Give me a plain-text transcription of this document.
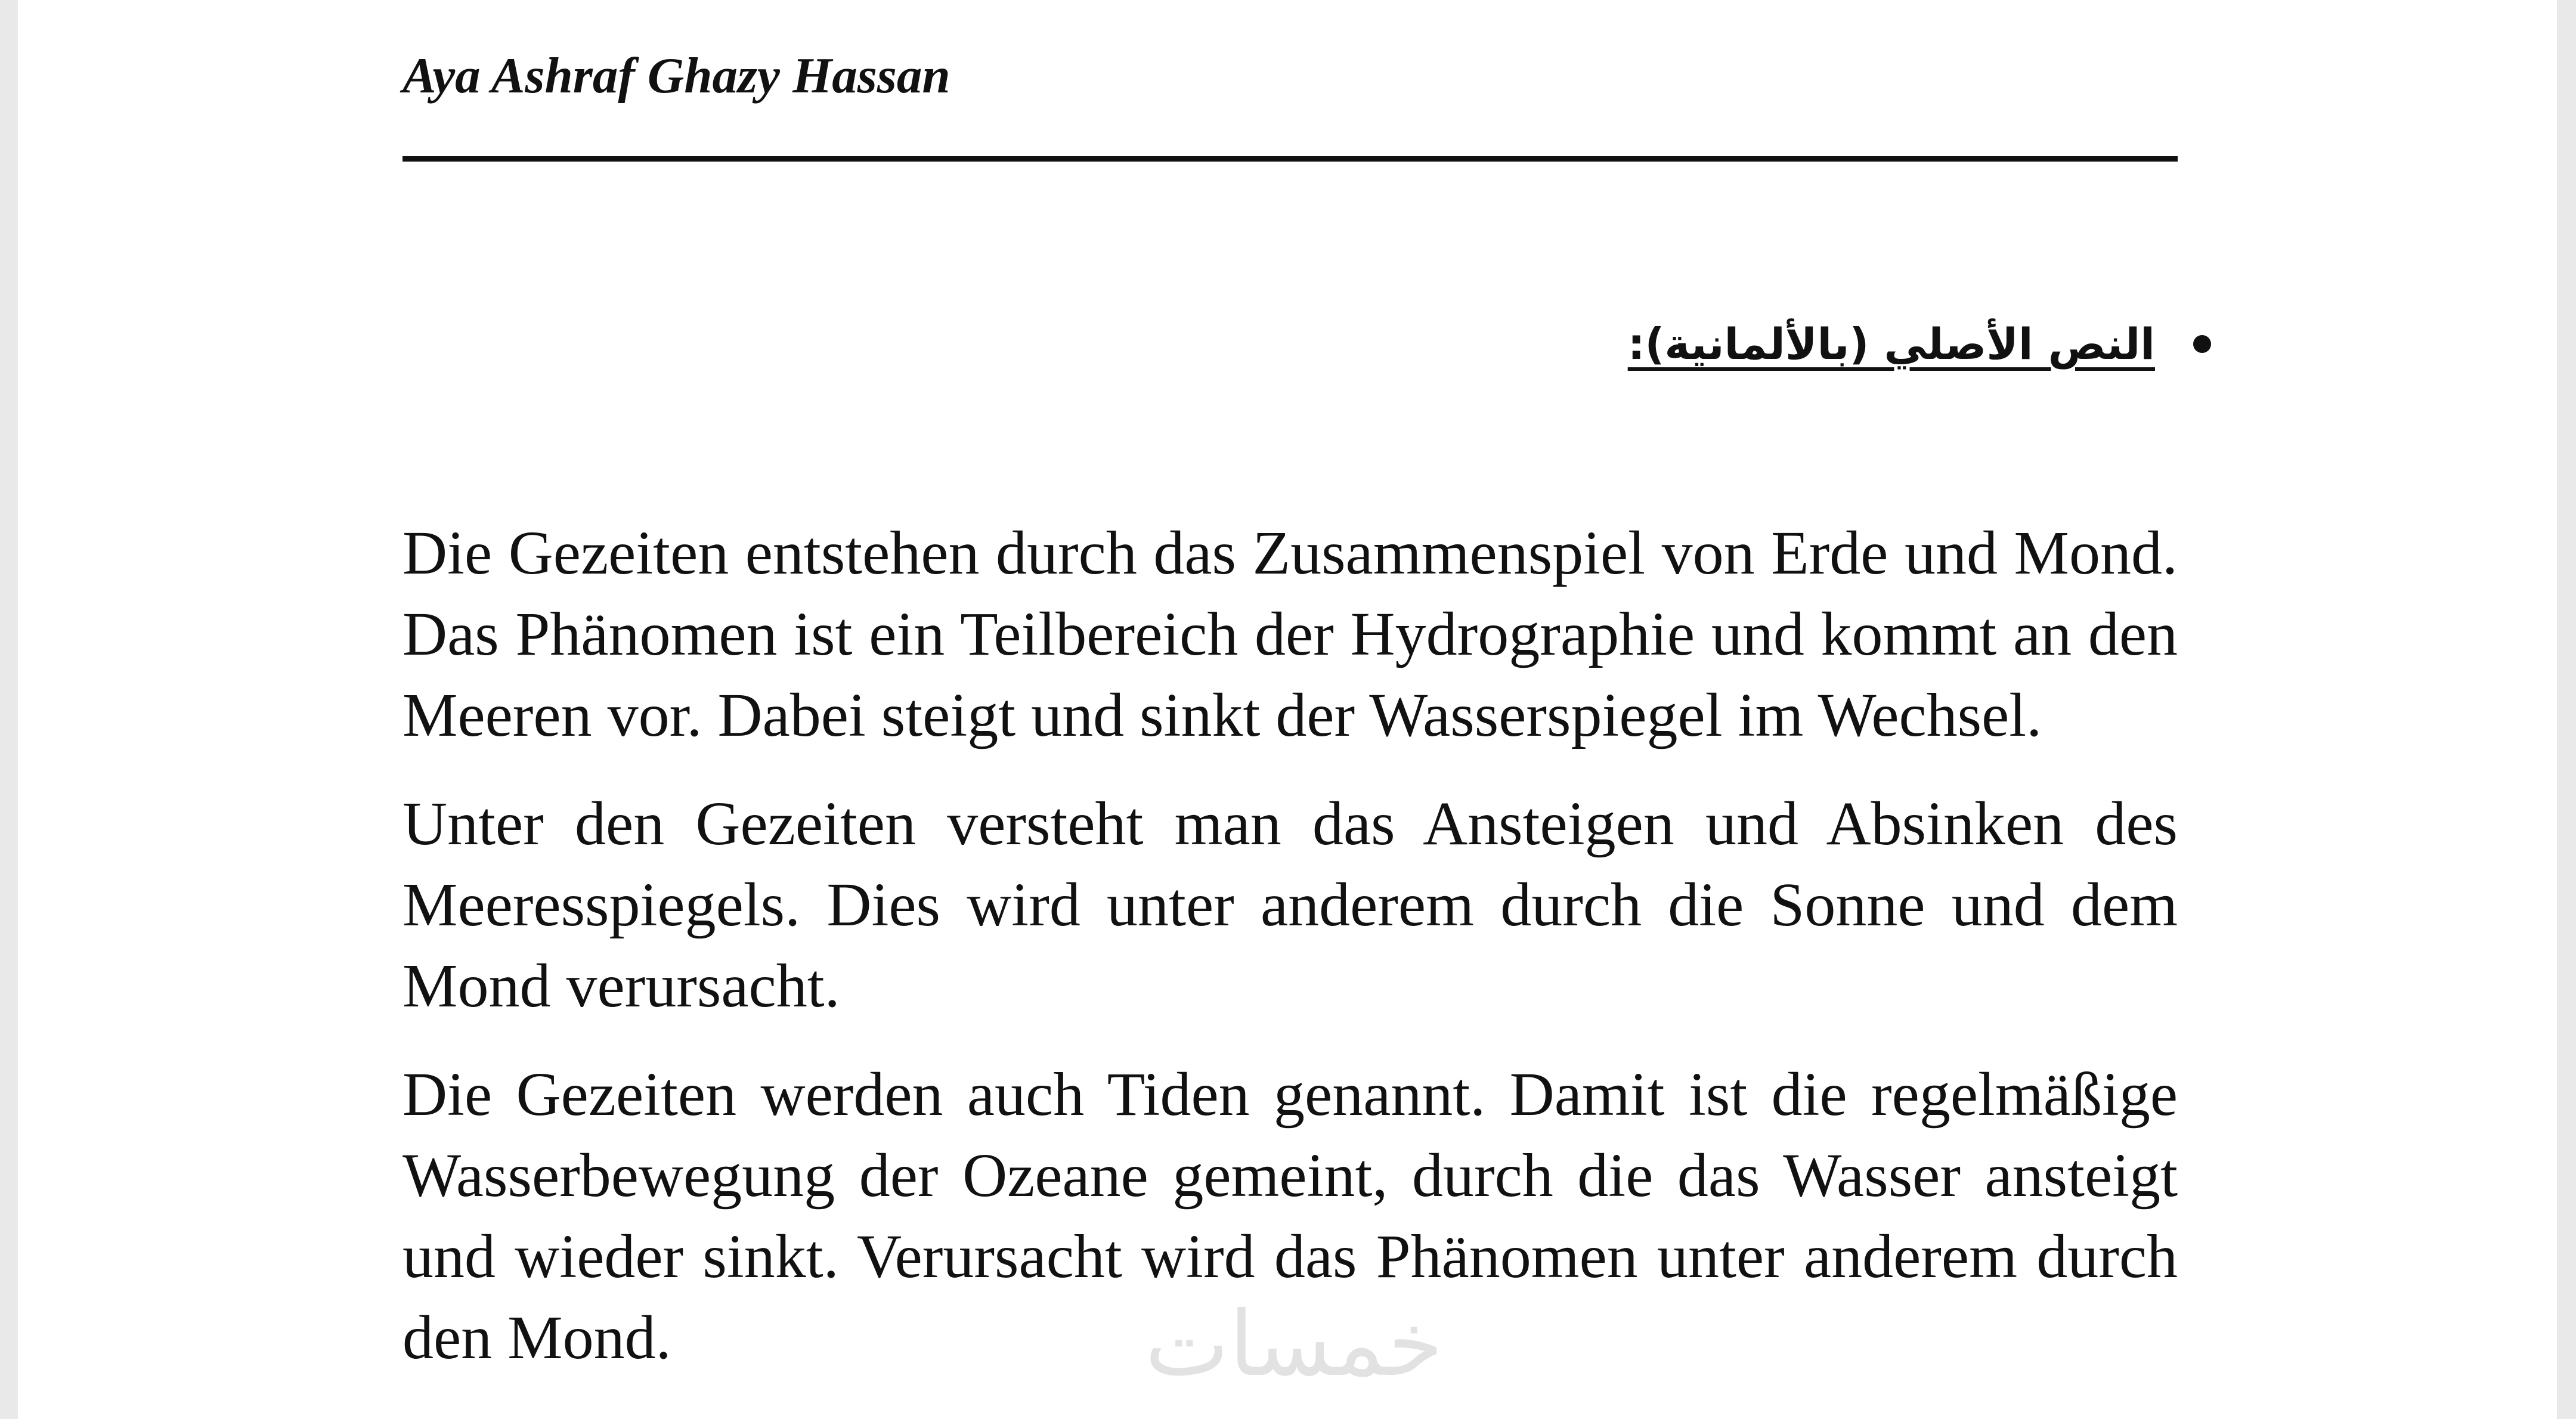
Aya Ashraf Ghazy Hassan
النص الأصلي (بالألمانية):

Die Gezeiten entstehen durch das Zusammenspiel von Erde und Mond. Das Phänomen ist ein Teilbereich der Hydrographie und kommt an den Meeren vor. Dabei steigt und sinkt der Wasserspiegel im Wechsel.

Unter den Gezeiten versteht man das Ansteigen und Absinken des Meeresspiegels. Dies wird unter anderem durch die Sonne und dem Mond verursacht.

Die Gezeiten werden auch Tiden genannt. Damit ist die regelmäßige Wasserbewegung der Ozeane gemeint, durch die das Wasser ansteigt und wieder sinkt. Verursacht wird das Phänomen unter anderem durch den Mond.	خمسات
